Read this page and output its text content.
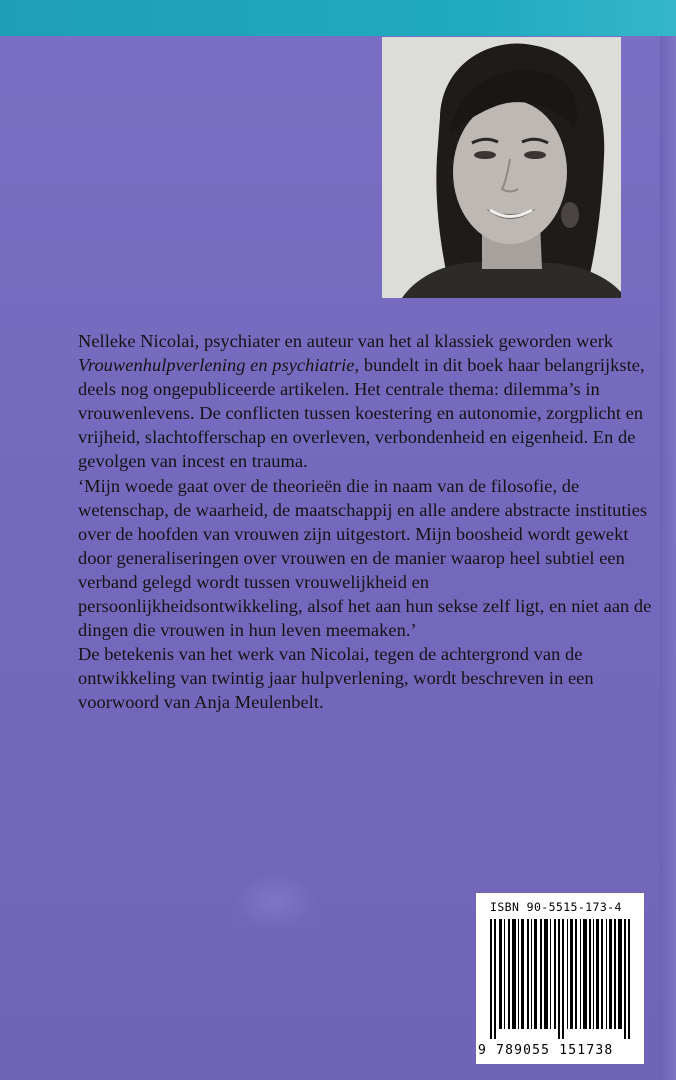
Nelleke Nicolai, psychiater en auteur van het al klassiek geworden werk Vrouwenhulpverlening en psychiatrie, bundelt in dit boek haar belangrijkste, deels nog ongepubliceerde artikelen. Het centrale thema: dilemma’s in vrouwenlevens. De conflicten tussen koestering en autonomie, zorgplicht en vrijheid, slachtofferschap en overleven, verbondenheid en eigenheid. En de gevolgen van incest en trauma.

‘Mijn woede gaat over de theorieën die in naam van de filosofie, de wetenschap, de waarheid, de maatschappij en alle andere abstracte instituties over de hoofden van vrouwen zijn uitgestort. Mijn boosheid wordt gewekt door generaliseringen over vrouwen en de manier waarop heel subtiel een verband gelegd wordt tussen vrouwelijkheid en persoonlijkheidsontwikkeling, alsof het aan hun sekse zelf ligt, en niet aan de dingen die vrouwen in hun leven meemaken.’

De betekenis van het werk van Nicolai, tegen de achtergrond van de ontwikkeling van twintig jaar hulpverlening, wordt beschreven in een voorwoord van Anja Meulenbelt.

ISBN 90-5515-173-4
9 789055 151738
